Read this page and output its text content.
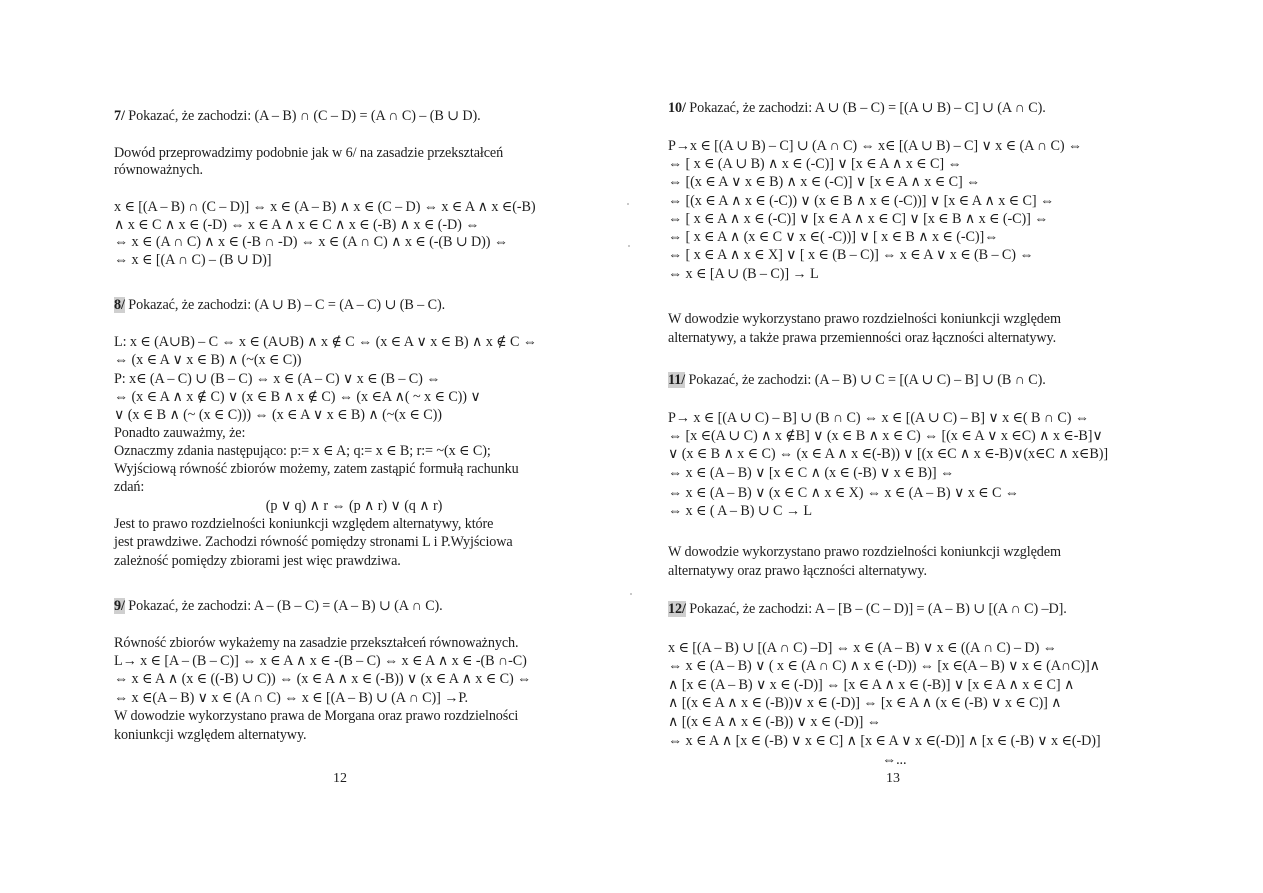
7/ Pokazać, że zachodzi: (A – B) ∩ (C – D) = (A ∩ C) – (B ∪ D).
Dowód przeprowadzimy podobnie jak w 6/ na zasadzie przekształceń
równoważnych.
x ∈ [(A – B) ∩ (C – D)] ⇔ x ∈ (A – B) ∧ x ∈ (C – D) ⇔ x ∈ A ∧ x ∈(-B)
∧ x ∈ C ∧ x ∈ (-D) ⇔ x ∈ A ∧ x ∈ C ∧ x ∈ (-B) ∧ x ∈ (-D) ⇔
⇔ x ∈ (A ∩ C) ∧ x ∈ (-B ∩ -D) ⇔ x ∈ (A ∩ C) ∧ x ∈ (-(B ∪ D)) ⇔
⇔ x ∈ [(A ∩ C) – (B ∪ D)]
8/ Pokazać, że zachodzi: (A ∪ B) – C = (A – C) ∪ (B – C).
L: x ∈ (A∪B) – C ⇔ x ∈ (A∪B) ∧ x ∉ C ⇔ (x ∈ A ∨ x ∈ B) ∧ x ∉ C ⇔
⇔ (x ∈ A ∨ x ∈ B) ∧ (~(x ∈ C))
P: x∈ (A – C) ∪ (B – C) ⇔ x ∈ (A – C) ∨ x ∈ (B – C) ⇔
⇔ (x ∈ A ∧ x ∉ C) ∨ (x ∈ B ∧ x ∉ C) ⇔ (x ∈A ∧( ~ x ∈ C)) ∨
∨ (x ∈ B ∧ (~ (x ∈ C))) ⇔ (x ∈ A ∨ x ∈ B) ∧ (~(x ∈ C))
Ponadto zauważmy, że:
Oznaczmy zdania następująco: p:= x ∈ A; q:= x ∈ B; r:= ~(x ∈ C);
Wyjściową równość zbiorów możemy, zatem zastąpić formułą rachunku
zdań:
(p ∨ q) ∧ r ⇔ (p ∧ r) ∨ (q ∧ r)
Jest to prawo rozdzielności koniunkcji względem alternatywy, które
jest prawdziwe. Zachodzi równość pomiędzy stronami L i P.Wyjściowa
zależność pomiędzy zbiorami jest więc prawdziwa.
9/ Pokazać, że zachodzi: A – (B – C) = (A – B) ∪ (A ∩ C).
Równość zbiorów wykażemy na zasadzie przekształceń równoważnych.
L→ x ∈ [A – (B – C)] ⇔ x ∈ A ∧ x ∈ -(B – C) ⇔ x ∈ A ∧ x ∈ -(B ∩-C)
⇔ x ∈ A ∧ (x ∈ ((-B) ∪ C)) ⇔ (x ∈ A ∧ x ∈ (-B)) ∨ (x ∈ A ∧ x ∈ C) ⇔
⇔ x ∈(A – B) ∨ x ∈ (A ∩ C) ⇔ x ∈ [(A – B) ∪ (A ∩ C)] →P.
W dowodzie wykorzystano prawa de Morgana oraz prawo rozdzielności
koniunkcji względem alternatywy.
12
10/ Pokazać, że zachodzi: A ∪ (B – C) = [(A ∪ B) – C] ∪ (A ∩ C).
P→x ∈ [(A ∪ B) – C] ∪ (A ∩ C) ⇔ x∈ [(A ∪ B) – C] ∨ x ∈ (A ∩ C) ⇔
⇔ [ x ∈ (A ∪ B) ∧ x ∈ (-C)] ∨ [x ∈ A ∧ x ∈ C] ⇔
⇔ [(x ∈ A ∨ x ∈ B) ∧ x ∈ (-C)] ∨ [x ∈ A ∧ x ∈ C] ⇔
⇔ [(x ∈ A ∧ x ∈ (-C)) ∨ (x ∈ B ∧ x ∈ (-C))] ∨ [x ∈ A ∧ x ∈ C] ⇔
⇔ [ x ∈ A ∧ x ∈ (-C)] ∨ [x ∈ A ∧ x ∈ C] ∨ [x ∈ B ∧ x ∈ (-C)] ⇔
⇔ [ x ∈ A ∧ (x ∈ C ∨ x ∈( -C))] ∨ [ x ∈ B ∧ x ∈ (-C)]⇔
⇔ [ x ∈ A ∧ x ∈ X] ∨ [ x ∈ (B – C)] ⇔ x ∈ A ∨ x ∈ (B – C) ⇔
⇔ x ∈ [A ∪ (B – C)] → L
W dowodzie wykorzystano prawo rozdzielności koniunkcji względem
alternatywy, a także prawa przemienności oraz łączności alternatywy.
11/ Pokazać, że zachodzi: (A – B) ∪ C = [(A ∪ C) – B] ∪ (B ∩ C).
P→ x ∈ [(A ∪ C) – B] ∪ (B ∩ C) ⇔ x ∈ [(A ∪ C) – B] ∨ x ∈( B ∩ C) ⇔
⇔ [x ∈(A ∪ C) ∧ x ∉B] ∨ (x ∈ B ∧ x ∈ C) ⇔ [(x ∈ A ∨ x ∈C) ∧ x ∈-B]∨
∨ (x ∈ B ∧ x ∈ C) ⇔ (x ∈ A ∧ x ∈(-B)) ∨ [(x ∈C ∧ x ∈-B)∨(x∈C ∧ x∈B)]
⇔ x ∈ (A – B) ∨ [x ∈ C ∧ (x ∈ (-B) ∨ x ∈ B)] ⇔
⇔ x ∈ (A – B) ∨ (x ∈ C ∧ x ∈ X) ⇔ x ∈ (A – B) ∨ x ∈ C ⇔
⇔ x ∈ ( A – B) ∪ C → L
W dowodzie wykorzystano prawo rozdzielności koniunkcji względem
alternatywy oraz prawo łączności alternatywy.
12/ Pokazać, że zachodzi: A – [B – (C – D)] = (A – B) ∪ [(A ∩ C) –D].
x ∈ [(A – B) ∪ [(A ∩ C) –D] ⇔ x ∈ (A – B) ∨ x ∈ ((A ∩ C) – D) ⇔
⇔ x ∈ (A – B) ∨ ( x ∈ (A ∩ C) ∧ x ∈ (-D)) ⇔ [x ∈(A – B) ∨ x ∈ (A∩C)]∧
∧ [x ∈ (A – B) ∨ x ∈ (-D)] ⇔ [x ∈ A ∧ x ∈ (-B)] ∨ [x ∈ A ∧ x ∈ C] ∧
∧ [(x ∈ A ∧ x ∈ (-B))∨ x ∈ (-D)] ⇔ [x ∈ A ∧ (x ∈ (-B) ∨ x ∈ C)] ∧
∧ [(x ∈ A ∧ x ∈ (-B)) ∨ x ∈ (-D)] ⇔
⇔ x ∈ A ∧ [x ∈ (-B) ∨ x ∈ C] ∧ [x ∈ A ∨ x ∈(-D)] ∧ [x ∈ (-B) ∨ x ∈(-D)]
⇔...
13
